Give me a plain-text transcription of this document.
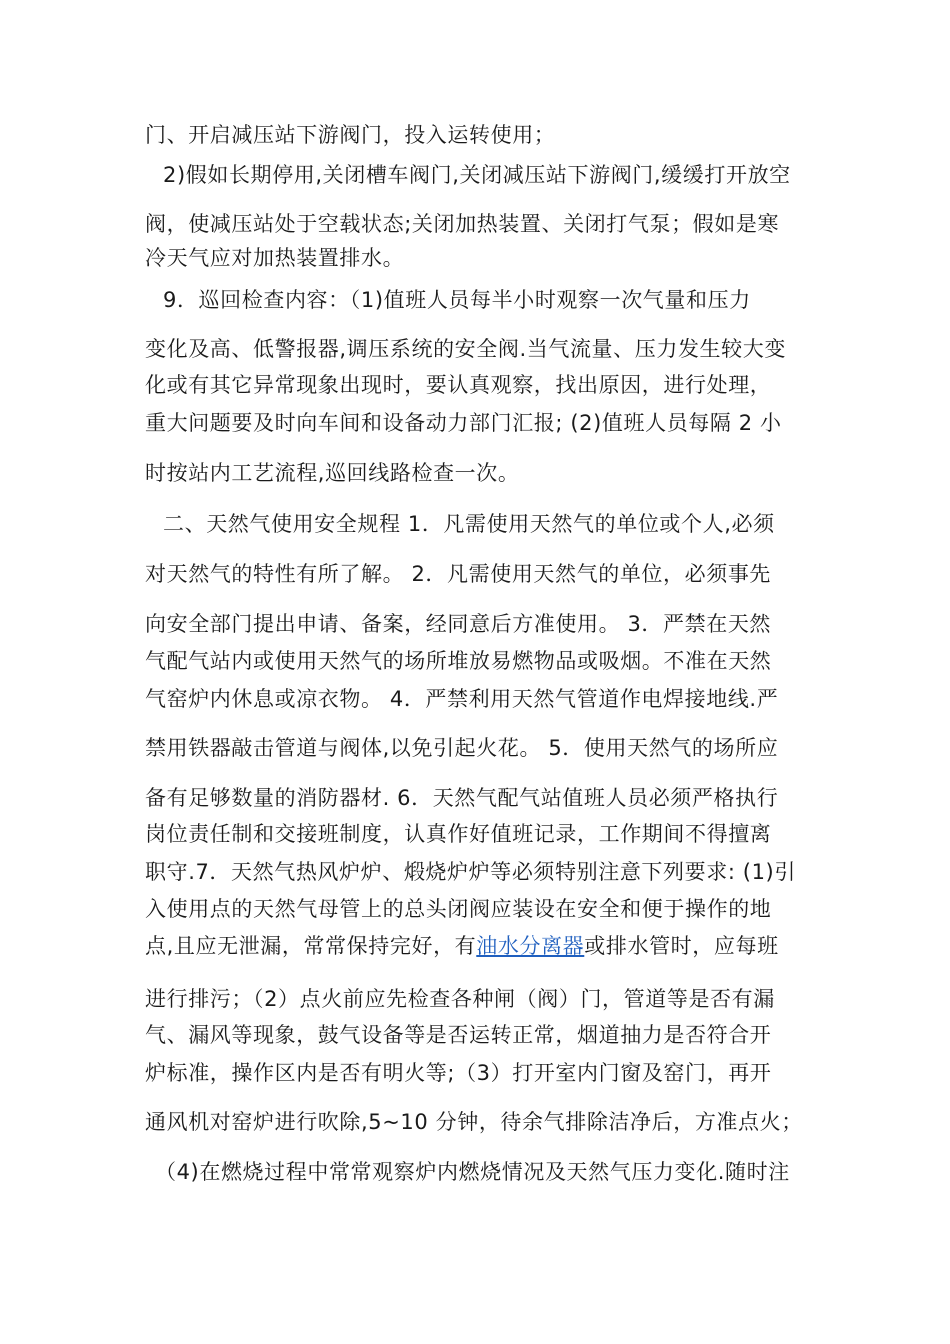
门、开启减压站下游阀门，投入运转使用；
2)假如长期停用,关闭槽车阀门,关闭减压站下游阀门,缓缓打开放空
阀，使减压站处于空载状态;关闭加热装置、关闭打气泵；假如是寒
冷天气应对加热装置排水。
9．巡回检查内容：（1)值班人员每半小时观察一次气量和压力
变化及高、低警报器,调压系统的安全阀.当气流量、压力发生较大变
化或有其它异常现象出现时，要认真观察，找出原因，进行处理，
重大问题要及时向车间和设备动力部门汇报; (2)值班人员每隔 2 小
时按站内工艺流程,巡回线路检查一次。
二、天然气使用安全规程 1．凡需使用天然气的单位或个人,必须
对天然气的特性有所了解。 2．凡需使用天然气的单位，必须事先
向安全部门提出申请、备案，经同意后方准使用。 3．严禁在天然
气配气站内或使用天然气的场所堆放易燃物品或吸烟。不准在天然
气窑炉内休息或凉衣物。 4．严禁利用天然气管道作电焊接地线.严
禁用铁器敲击管道与阀体,以免引起火花。 5．使用天然气的场所应
备有足够数量的消防器材. 6．天然气配气站值班人员必须严格执行
岗位责任制和交接班制度，认真作好值班记录，工作期间不得擅离
职守.7．天然气热风炉炉、煅烧炉炉等必须特别注意下列要求: (1)引
入使用点的天然气母管上的总头闭阀应装设在安全和便于操作的地
点,且应无泄漏，常常保持完好，有油水分离器或排水管时，应每班
进行排污；（2）点火前应先检查各种闸（阀）门，管道等是否有漏
气、漏风等现象，鼓气设备等是否运转正常，烟道抽力是否符合开
炉标准，操作区内是否有明火等;（3）打开室内门窗及窑门，再开
通风机对窑炉进行吹除,5~10 分钟，待余气排除洁净后，方准点火；
（4)在燃烧过程中常常观察炉内燃烧情况及天然气压力变化.随时注
